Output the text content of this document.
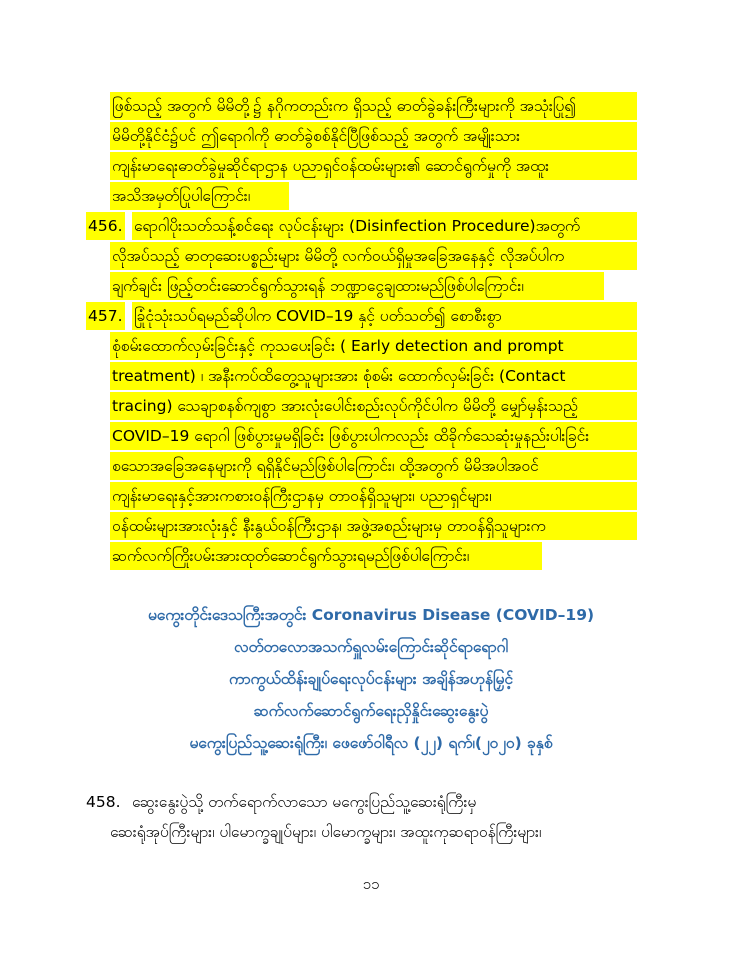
ဖြစ်သည့် အတွက် မိမိတို့၌ နဂိုကတည်းက ရှိသည့် ဓာတ်ခွဲခန်းကြီးများကို အသုံးပြု၍
မိမိတို့နိုင်ငံ၌ပင် ဤရောဂါကို ဓာတ်ခွဲစစ်နိုင်ပြီဖြစ်သည့် အတွက် အမျိုးသား
ကျန်းမာရေးဓာတ်ခွဲမှုဆိုင်ရာဌာန ပညာရှင်ဝန်ထမ်းများ၏ ဆောင်ရွက်မှုကို အထူး
အသိအမှတ်ပြုပါကြောင်း၊
456. ရောဂါပိုးသတ်သန့်စင်ရေး လုပ်ငန်းများ (Disinfection Procedure)အတွက်
လိုအပ်သည့် ဓာတုဆေးပစ္စည်းများ မိမိတို့ လက်ဝယ်ရှိမှုအခြေအနေနှင့် လိုအပ်ပါက
ချက်ချင်း ဖြည့်တင်းဆောင်ရွက်သွားရန် ဘဏ္ဍာငွေချထားမည်ဖြစ်ပါကြောင်း၊
457. ခြုံငုံသုံးသပ်ရမည်ဆိုပါက COVID–19 နှင့် ပတ်သတ်၍ စောစီးစွာ
စုံစမ်းထောက်လှမ်းခြင်းနှင့် ကုသပေးခြင်း ( Early detection and prompt
treatment) ၊ အနီးကပ်ထိတွေ့သူများအား စုံစမ်း ထောက်လှမ်းခြင်း (Contact
tracing) သေချာစနစ်ကျစွာ အားလုံးပေါင်းစည်းလုပ်ကိုင်ပါက မိမိတို့ မျှော်မှန်းသည့်
COVID–19 ရောဂါ ဖြစ်ပွားမှုမရှိခြင်း ဖြစ်ပွားပါကလည်း ထိခိုက်သေဆုံးမှုနည်းပါးခြင်း
စသောအခြေအနေများကို ရရှိနိုင်မည်ဖြစ်ပါကြောင်း၊ ထို့အတွက် မိမိအပါအဝင်
ကျန်းမာရေးနှင့်အားကစားဝန်ကြီးဌာနမှ တာဝန်ရှိသူများ၊ ပညာရှင်များ၊
ဝန်ထမ်းများအားလုံးနှင့် နီးနွယ်ဝန်ကြီးဌာန၊ အဖွဲ့အစည်းများမှ တာဝန်ရှိသူများက
ဆက်လက်ကြိုးပမ်းအားထုတ်ဆောင်ရွက်သွားရမည်ဖြစ်ပါကြောင်း၊
မကွေးတိုင်းဒေသကြီးအတွင်း Coronavirus Disease (COVID–19)
လတ်တလောအသက်ရှူလမ်းကြောင်းဆိုင်ရာရောဂါ
ကာကွယ်ထိန်းချုပ်ရေးလုပ်ငန်းများ အချိန်အဟုန်မြှင့်
ဆက်လက်ဆောင်ရွက်ရေးညှိနှိုင်းဆွေးနွေးပွဲ
မကွေးပြည်သူ့ဆေးရုံကြီး၊ ဖေဖော်ဝါရီလ (၂၂) ရက်၊(၂၀၂၀) ခုနှစ်
458. ဆွေးနွေးပွဲသို့ တက်ရောက်လာသော မကွေးပြည်သူ့ဆေးရုံကြီးမှ
ဆေးရုံအုပ်ကြီးများ၊ ပါမောက္ခချုပ်များ၊ ပါမောက္ခများ၊ အထူးကုဆရာဝန်ကြီးများ၊
၁၁
